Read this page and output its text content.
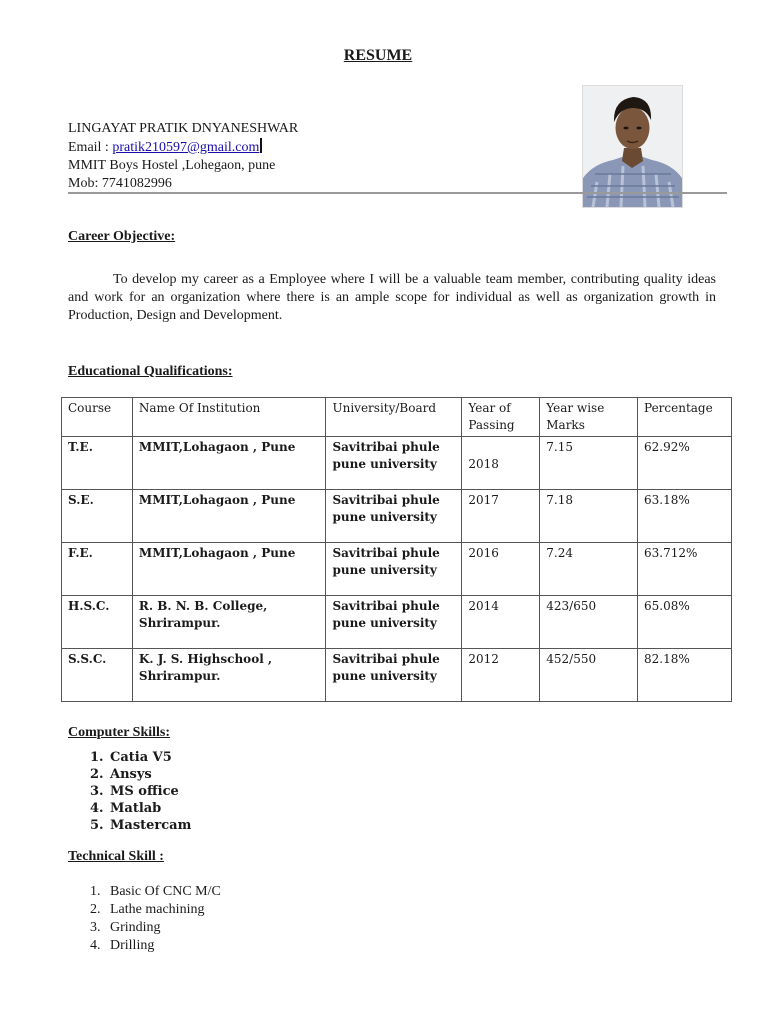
RESUME
LINGAYAT PRATIK DNYANESHWAR
Email : pratik210597@gmail.com
MMIT Boys Hostel ,Lohegaon, pune
Mob: 7741082996
Career Objective:
To develop my career as a Employee where I will be a valuable team member, contributing quality ideas and work for an organization where there is an ample scope for individual as well as organization growth in Production, Design and Development.
Educational Qualifications:
Course	Name Of Institution	University/Board	Year of Passing	Year wise Marks	Percentage
T.E.	MMIT,Lohagaon , Pune	Savitribai phule pune university	2018	7.15	62.92%
S.E.	MMIT,Lohagaon , Pune	Savitribai phule pune university	2017	7.18	63.18%
F.E.	MMIT,Lohagaon , Pune	Savitribai phule pune university	2016	7.24	63.712%
H.S.C.	R. B. N. B. College, Shrirampur.	Savitribai phule pune university	2014	423/650	65.08%
S.S.C.	K. J. S. Highschool , Shrirampur.	Savitribai phule pune university	2012	452/550	82.18%
Computer Skills:
1. Catia V5
2. Ansys
3. MS office
4. Matlab
5. Mastercam
Technical Skill :
1. Basic Of CNC M/C
2. Lathe machining
3. Grinding
4. Drilling
